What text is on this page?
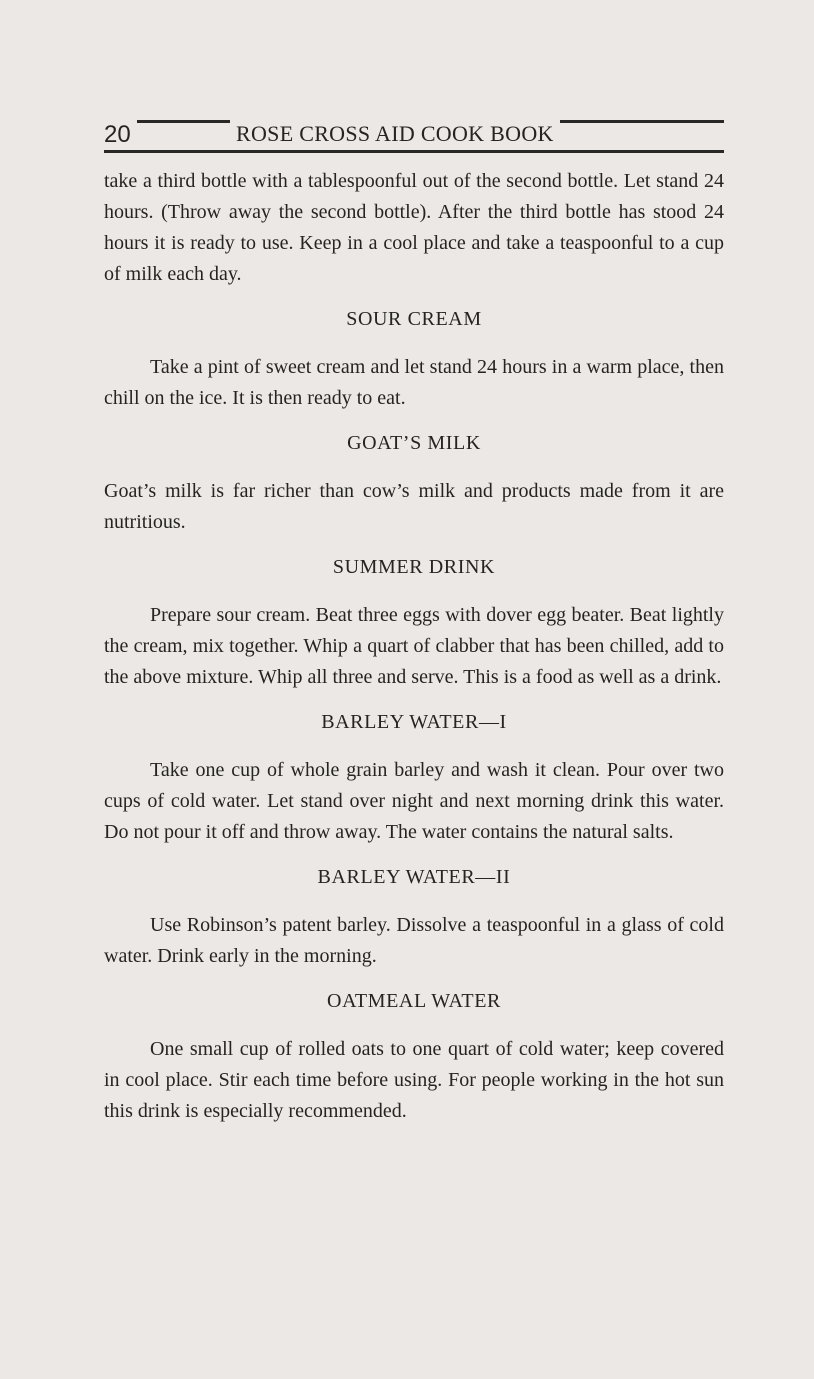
20	ROSE CROSS AID COOK BOOK

take a third bottle with a tablespoonful out of the second bottle. Let stand 24 hours. (Throw away the second bottle). After the third bottle has stood 24 hours it is ready to use. Keep in a cool place and take a teaspoonful to a cup of milk each day.

SOUR CREAM

Take a pint of sweet cream and let stand 24 hours in a warm place, then chill on the ice. It is then ready to eat.

GOAT’S MILK

Goat’s milk is far richer than cow’s milk and products made from it are nutritious.

SUMMER DRINK

Prepare sour cream. Beat three eggs with dover egg beater. Beat lightly the cream, mix together. Whip a quart of clabber that has been chilled, add to the above mixture. Whip all three and serve. This is a food as well as a drink.

BARLEY WATER—I

Take one cup of whole grain barley and wash it clean. Pour over two cups of cold water. Let stand over night and next morning drink this water. Do not pour it off and throw away. The water contains the natural salts.

BARLEY WATER—II

Use Robinson’s patent barley. Dissolve a teaspoonful in a glass of cold water. Drink early in the morning.

OATMEAL WATER

One small cup of rolled oats to one quart of cold water; keep covered in cool place. Stir each time before using. For people working in the hot sun this drink is especially recommended.
